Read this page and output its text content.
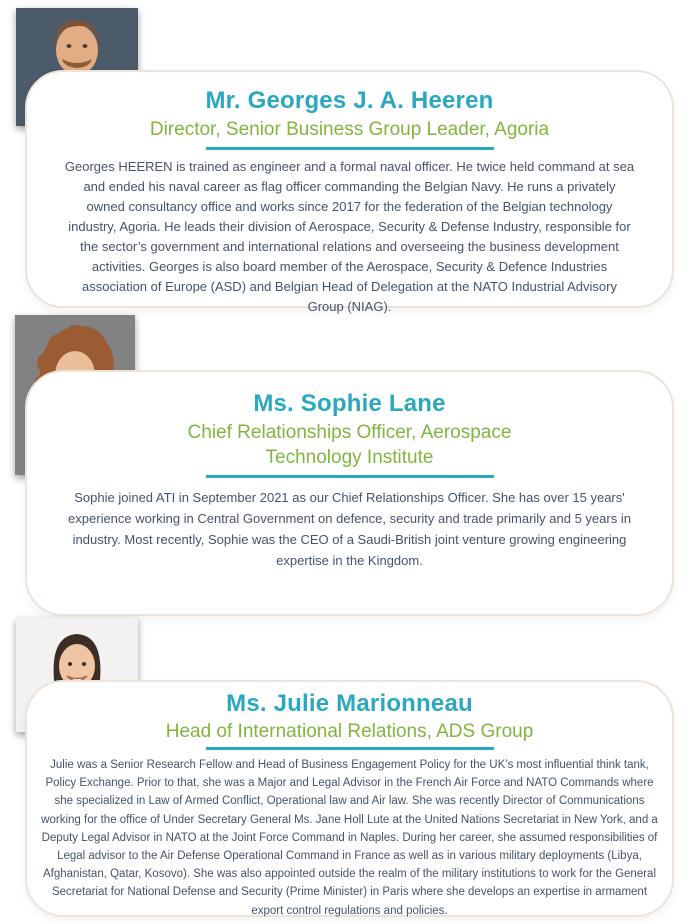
Mr. Georges J. A. Heeren
Director, Senior Business Group Leader, Agoria

Georges HEEREN is trained as engineer and a formal naval officer. He twice held command at sea and ended his naval career as flag officer commanding the Belgian Navy. He runs a privately owned consultancy office and works since 2017 for the federation of the Belgian technology industry, Agoria. He leads their division of Aerospace, Security & Defense Industry, responsible for the sector’s government and international relations and overseeing the business development activities. Georges is also board member of the Aerospace, Security & Defence Industries association of Europe (ASD) and Belgian Head of Delegation at the NATO Industrial Advisory Group (NIAG).

Ms. Sophie Lane
Chief Relationships Officer, Aerospace Technology Institute

Sophie joined ATI in September 2021 as our Chief Relationships Officer. She has over 15 years' experience working in Central Government on defence, security and trade primarily and 5 years in industry. Most recently, Sophie was the CEO of a Saudi-British joint venture growing engineering expertise in the Kingdom.

Ms. Julie Marionneau
Head of International Relations, ADS Group

Julie was a Senior Research Fellow and Head of Business Engagement Policy for the UK’s most influential think tank, Policy Exchange. Prior to that, she was a Major and Legal Advisor in the French Air Force and NATO Commands where she specialized in Law of Armed Conflict, Operational law and Air law. She was recently Director of Communications working for the office of Under Secretary General Ms. Jane Holl Lute at the United Nations Secretariat in New York, and a Deputy Legal Advisor in NATO at the Joint Force Command in Naples. During her career, she assumed responsibilities of Legal advisor to the Air Defense Operational Command in France as well as in various military deployments (Libya, Afghanistan, Qatar, Kosovo). She was also appointed outside the realm of the military institutions to work for the General Secretariat for National Defense and Security (Prime Minister) in Paris where she develops an expertise in armament export control regulations and policies.
